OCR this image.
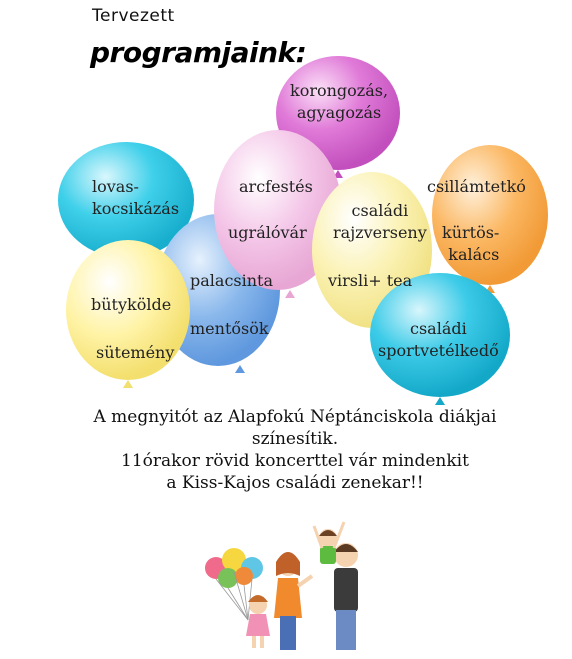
Tervezett
programjaink:
korongozás,
agyagozás
lovas-
kocsikázás
arcfestés	csillámtetkó
családi
rajzverseny
ugrálóvár	kürtös-
kalács
palacsinta	virsli+ tea
bütykölde
mentősök	családi
sportvetélkedő
sütemény
A megnyitót az Alapfokú Néptánciskola diákjai
színesítik.
11órakor rövid koncerttel vár mindenkit
a Kiss-Kajos családi zenekar!!
